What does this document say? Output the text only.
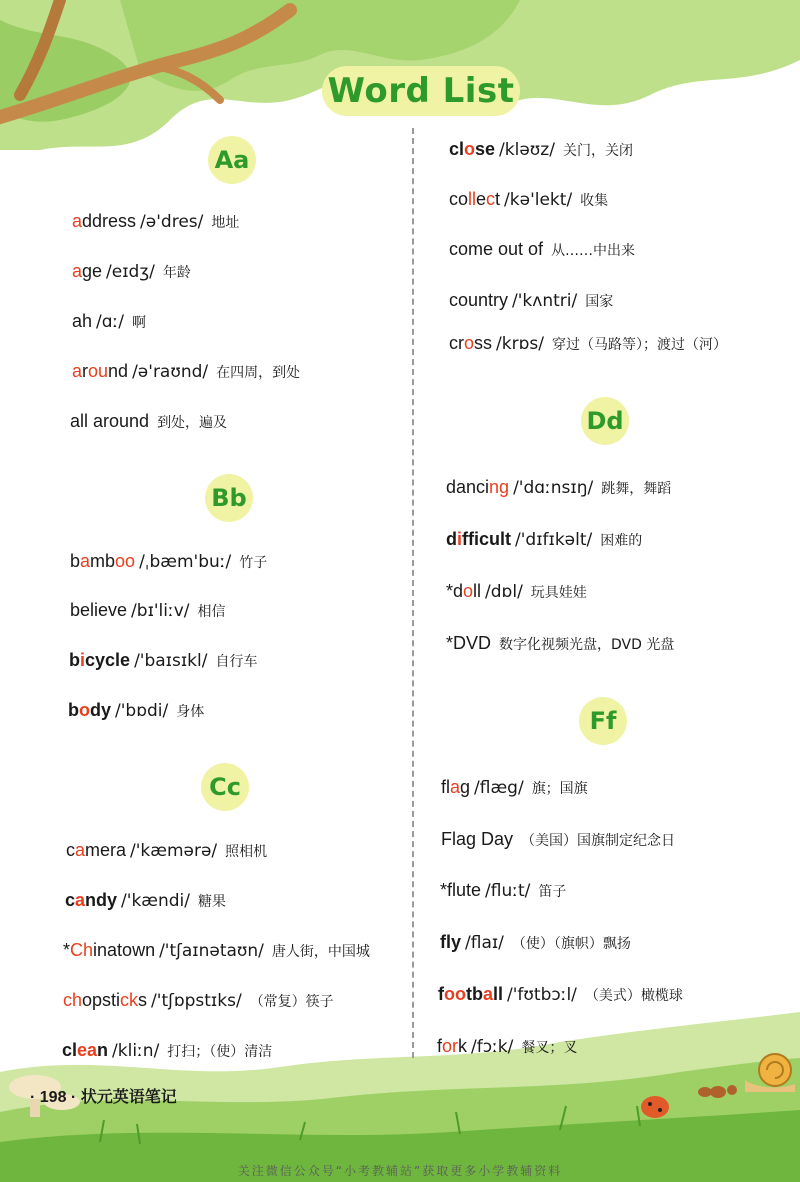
Word List
Aa
Bb
Cc
Dd
Ff
address /ə'dres/ 地址
age /eɪdʒ/ 年龄
ah /ɑː/ 啊
around /ə'raʊnd/ 在四周，到处
all around 到处，遍及
bamboo /ˌbæm'buː/ 竹子
believe /bɪ'liːv/ 相信
bicycle /'baɪsɪkl/ 自行车
body /'bɒdi/ 身体
camera /'kæmərə/ 照相机
candy /'kændi/ 糖果
*Chinatown /'tʃaɪnətaʊn/ 唐人街，中国城
chopsticks /'tʃɒpstɪks/ （常复）筷子
clean /kliːn/ 打扫；（使）清洁
close /kləʊz/ 关门，关闭
collect /kə'lekt/ 收集
come out of 从……中出来
country /'kʌntri/ 国家
cross /krɒs/ 穿过（马路等）；渡过（河）
dancing /'dɑːnsɪŋ/ 跳舞，舞蹈
difficult /'dɪfɪkəlt/ 困难的
*doll /dɒl/ 玩具娃娃
*DVD 数字化视频光盘，DVD 光盘
flag /flæg/ 旗；国旗
Flag Day （美国）国旗制定纪念日
*flute /fluːt/ 笛子
fly /flaɪ/ （使）（旗帜）飘扬
football /'fʊtbɔːl/ （美式）橄榄球
fork /fɔːk/ 餐叉；叉
· 198 · 状元英语笔记
关注微信公众号“小考教辅站”获取更多小学教辅资料
